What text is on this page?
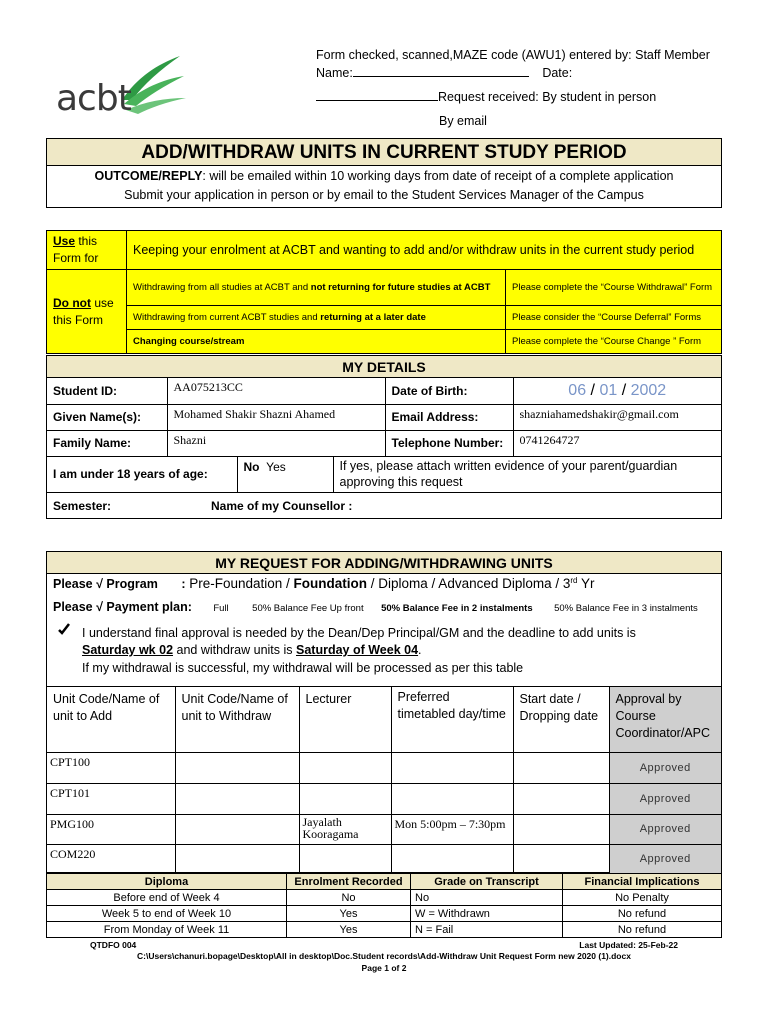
acbt
Form checked, scanned,MAZE code (AWU1) entered by: Staff Member
Name:	Date:
Request received: By student in person
By email
ADD/WITHDRAW UNITS IN CURRENT STUDY PERIOD
OUTCOME/REPLY: will be emailed within 10 working days from date of receipt of a complete application
Submit your application in person or by email to the Student Services Manager of the Campus
Use this Form for	Keeping your enrolment at ACBT and wanting to add and/or withdraw units in the current study period	
Do not use this Form	Withdrawing from all studies at ACBT and not returning for future studies at ACBT	Please complete the “Course Withdrawal” Form
	Withdrawing from current ACBT studies and returning at a later date	Please consider the “Course Deferral” Forms
	Changing course/stream	Please complete the “Course Change ” Form
MY DETAILS
Student ID:	AA075213CC	Date of Birth:	06 / 01 / 2002
Given Name(s):	Mohamed Shakir Shazni Ahamed	Email Address:	shazniahamedshakir@gmail.com
Family Name:	Shazni	Telephone Number:	0741264727
I am under 18 years of age:	No Yes	If yes, please attach written evidence of your parent/guardian approving this request
Semester:	Name of my Counsellor :
MY REQUEST FOR ADDING/WITHDRAWING UNITS
Please √ Program : Pre-Foundation / Foundation / Diploma / Advanced Diploma / 3rd Yr
Please √ Payment plan: Full 50% Balance Fee Up front 50% Balance Fee in 2 instalments 50% Balance Fee in 3 instalments
I understand final approval is needed by the Dean/Dep Principal/GM and the deadline to add units is
Saturday wk 02 and withdraw units is Saturday of Week 04.
If my withdrawal is successful, my withdrawal will be processed as per this table
Unit Code/Name of unit to Add	Unit Code/Name of unit to Withdraw	Lecturer	Preferred timetabled day/time	Start date / Dropping date	Approval by Course Coordinator/APC
CPT100					Approved
CPT101					Approved
PMG100		Jayalath Kooragama	Mon 5:00pm – 7:30pm		Approved
COM220					Approved
Diploma	Enrolment Recorded	Grade on Transcript	Financial Implications
Before end of Week 4	No	No	No Penalty
Week 5 to end of Week 10	Yes	W = Withdrawn	No refund
From Monday of Week 11	Yes	N = Fail	No refund
QTDFO 004	Last Updated: 25-Feb-22
C:\Users\chanuri.bopage\Desktop\All in desktop\Doc.Student records\Add-Withdraw Unit Request Form new 2020 (1).docx
Page 1 of 2
